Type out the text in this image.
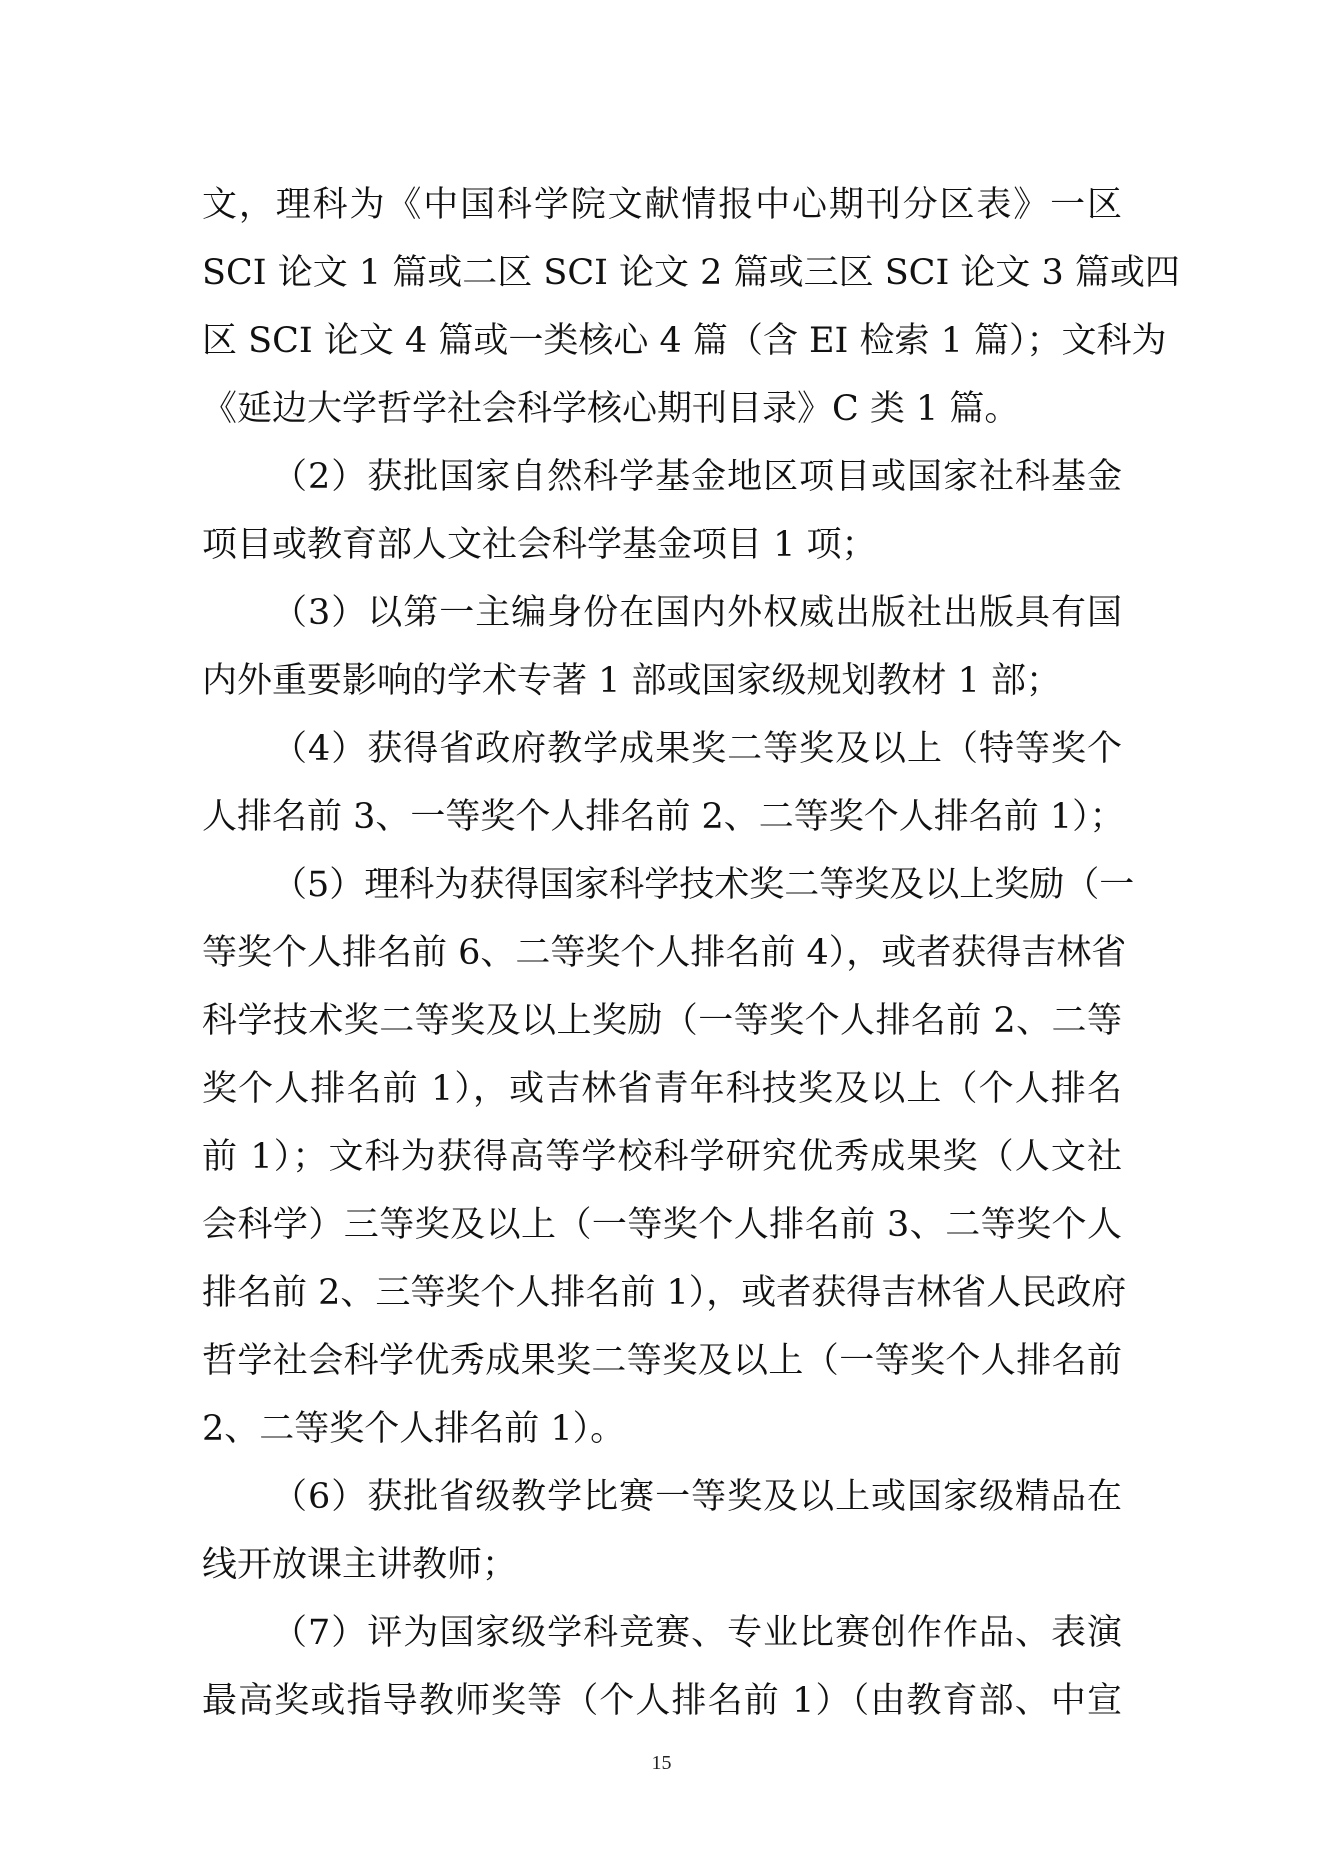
文，理科为《中国科学院文献情报中心期刊分区表》一区
SCI 论文 1 篇或二区 SCI 论文 2 篇或三区 SCI 论文 3 篇或四
区 SCI 论文 4 篇或一类核心 4 篇（含 EI 检索 1 篇）；文科为
《延边大学哲学社会科学核心期刊目录》C 类 1 篇。
（2）获批国家自然科学基金地区项目或国家社科基金
项目或教育部人文社会科学基金项目 1 项；
（3）以第一主编身份在国内外权威出版社出版具有国
内外重要影响的学术专著 1 部或国家级规划教材 1 部；
（4）获得省政府教学成果奖二等奖及以上（特等奖个
人排名前 3、一等奖个人排名前 2、二等奖个人排名前 1）；
（5）理科为获得国家科学技术奖二等奖及以上奖励（一
等奖个人排名前 6、二等奖个人排名前 4），或者获得吉林省
科学技术奖二等奖及以上奖励（一等奖个人排名前 2、二等
奖个人排名前 1），或吉林省青年科技奖及以上（个人排名
前 1）；文科为获得高等学校科学研究优秀成果奖（人文社
会科学）三等奖及以上（一等奖个人排名前 3、二等奖个人
排名前 2、三等奖个人排名前 1），或者获得吉林省人民政府
哲学社会科学优秀成果奖二等奖及以上（一等奖个人排名前
2、二等奖个人排名前 1）。
（6）获批省级教学比赛一等奖及以上或国家级精品在
线开放课主讲教师；
（7）评为国家级学科竞赛、专业比赛创作作品、表演
最高奖或指导教师奖等（个人排名前 1）（由教育部、中宣
15
